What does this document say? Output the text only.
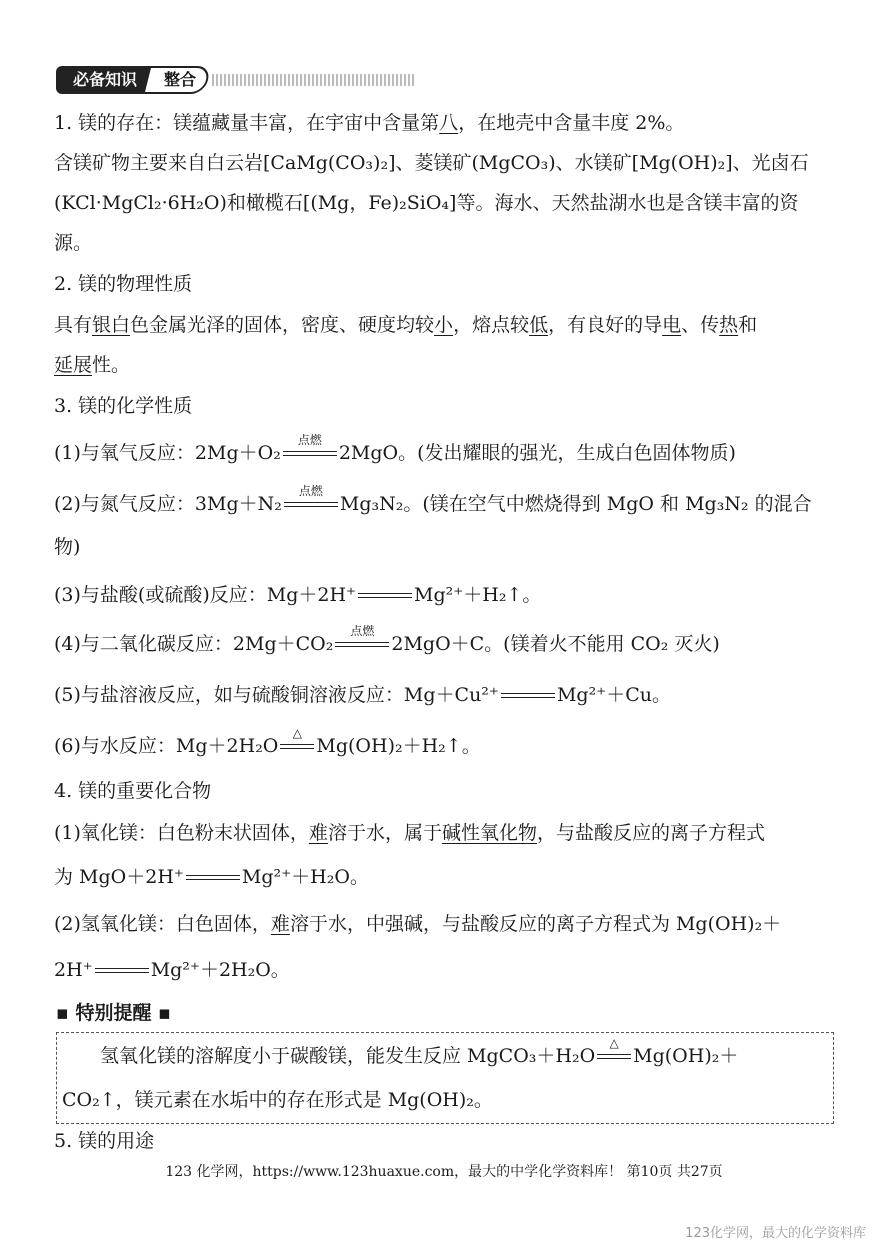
必备知识	整合
1. 镁的存在：镁蕴藏量丰富，在宇宙中含量第八，在地壳中含量丰度 2%。
含镁矿物主要来自白云岩[CaMg(CO₃)₂]、菱镁矿(MgCO₃)、水镁矿[Mg(OH)₂]、光卤石
(KCl·MgCl₂·6H₂O)和橄榄石[(Mg，Fe)₂SiO₄]等。海水、天然盐湖水也是含镁丰富的资
源。
2. 镁的物理性质
具有银白色金属光泽的固体，密度、硬度均较小，熔点较低，有良好的导电、传热和
延展性。
3. 镁的化学性质
(1)与氧气反应：2Mg＋O₂
点燃
2MgO。(发出耀眼的强光，生成白色固体物质)
(2)与氮气反应：3Mg＋N₂
点燃
Mg₃N₂。(镁在空气中燃烧得到 MgO 和 Mg₃N₂ 的混合
物)
(3)与盐酸(或硫酸)反应：Mg＋2H⁺	Mg²⁺＋H₂↑。
(4)与二氧化碳反应：2Mg＋CO₂
点燃
2MgO＋C。(镁着火不能用 CO₂ 灭火)
(5)与盐溶液反应，如与硫酸铜溶液反应：Mg＋Cu²⁺	Mg²⁺＋Cu。
(6)与水反应：Mg＋2H₂O
△
Mg(OH)₂＋H₂↑。
4. 镁的重要化合物
(1)氧化镁：白色粉末状固体，难溶于水，属于碱性氧化物，与盐酸反应的离子方程式
为 MgO＋2H⁺	Mg²⁺＋H₂O。
(2)氢氧化镁：白色固体，难溶于水，中强碱，与盐酸反应的离子方程式为 Mg(OH)₂＋
2H⁺	Mg²⁺＋2H₂O。
▪ 特别提醒 ▪
氢氧化镁的溶解度小于碳酸镁，能发生反应 MgCO₃＋H₂O
△
Mg(OH)₂＋
CO₂↑，镁元素在水垢中的存在形式是 Mg(OH)₂。
5. 镁的用途
123 化学网，https://www.123huaxue.com，最大的中学化学资料库！ 第10页 共27页
123化学网，最大的化学资料库
